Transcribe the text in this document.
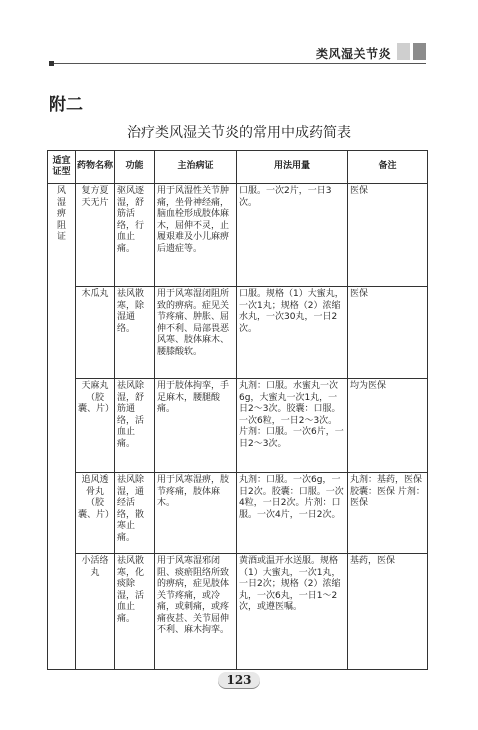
类风湿关节炎
附二
治疗类风湿关节炎的常用中成药简表
适宜证型	药物名称	功能	主治病证	用法用量	备注

风湿痹阻证	复方夏天无片	驱风逐湿，舒筋活络，行血止痛。	用于风湿性关节肿痛，坐骨神经痛，脑血栓形成肢体麻木，屈伸不灵，止履艰难及小儿麻痹后遗症等。	口服。一次2片，一日3次。	医保
	木瓜丸	祛风散寒，除湿通络。	用于风寒湿闭阻所致的痹病。症见关节疼痛、肿胀、屈伸不利、局部畏恶风寒、肢体麻木、腰膝酸软。	口服。规格（1）大蜜丸，一次1丸；规格（2）浓缩水丸，一次30丸，一日2次。	医保
	天麻丸（胶囊、片）	祛风除湿，舒筋通络，活血止痛。	用于肢体拘挛，手足麻木，腰腿酸痛。	丸剂：口服。水蜜丸一次6g，大蜜丸一次1丸，一日2～3次。胶囊：口服。一次6粒，一日2～3次。片剂：口服。一次6片，一日2～3次。	均为医保
	追风透骨丸（胶囊、片）	祛风除湿，通经活络，散寒止痛。	用于风寒湿痹，肢节疼痛，肢体麻木。	丸剂：口服。一次6g，一日2次。胶囊：口服。一次4粒，一日2次。片剂：口服。一次4片，一日2次。	丸剂：基药，医保 胶囊：医保 片剂：医保
	小活络丸	祛风散寒，化痰除湿，活血止痛。	用于风寒湿邪闭阻、痰瘀阻络所致的痹病，症见肢体关节疼痛，或冷痛，或刺痛，或疼痛夜甚、关节屈伸不利、麻木拘挛。	黄酒或温开水送服。规格（1）大蜜丸，一次1丸，一日2次；规格（2）浓缩丸，一次6丸，一日1～2次，或遵医嘱。	基药，医保
123
